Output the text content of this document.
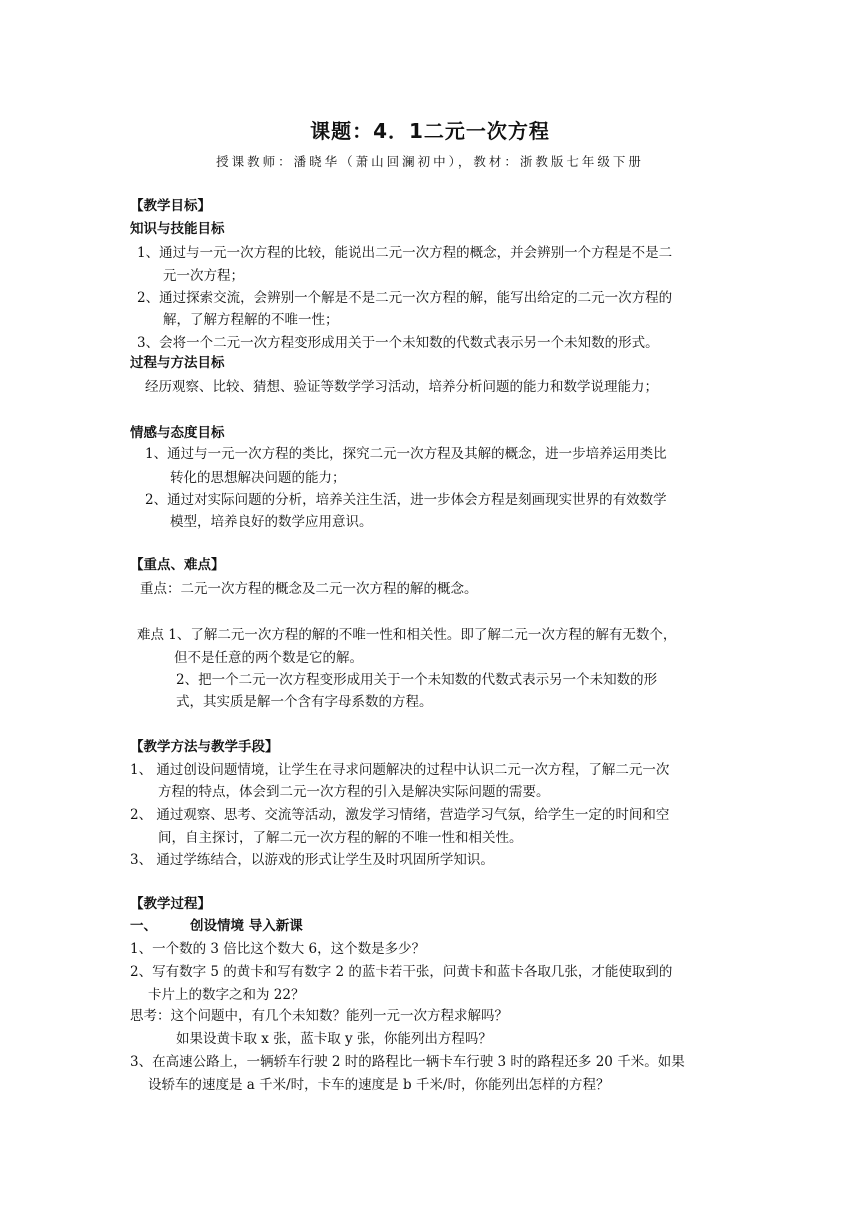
课题：4．1二元一次方程
授课教师：潘晓华（萧山回澜初中），教材：浙教版七年级下册
【教学目标】
知识与技能目标
1、通过与一元一次方程的比较，能说出二元一次方程的概念，并会辨别一个方程是不是二
元一次方程；
2、通过探索交流，会辨别一个解是不是二元一次方程的解，能写出给定的二元一次方程的
解，了解方程解的不唯一性；
3、会将一个二元一次方程变形成用关于一个未知数的代数式表示另一个未知数的形式。
过程与方法目标
经历观察、比较、猜想、验证等数学学习活动，培养分析问题的能力和数学说理能力；
情感与态度目标
1、通过与一元一次方程的类比，探究二元一次方程及其解的概念，进一步培养运用类比
转化的思想解决问题的能力；
2、通过对实际问题的分析，培养关注生活，进一步体会方程是刻画现实世界的有效数学
模型，培养良好的数学应用意识。
【重点、难点】
重点：二元一次方程的概念及二元一次方程的解的概念。
难点 1、了解二元一次方程的解的不唯一性和相关性。即了解二元一次方程的解有无数个，
但不是任意的两个数是它的解。
2、把一个二元一次方程变形成用关于一个未知数的代数式表示另一个未知数的形
式，其实质是解一个含有字母系数的方程。
【教学方法与教学手段】
1、 通过创设问题情境，让学生在寻求问题解决的过程中认识二元一次方程，了解二元一次
方程的特点，体会到二元一次方程的引入是解决实际问题的需要。
2、 通过观察、思考、交流等活动，激发学习情绪，营造学习气氛，给学生一定的时间和空
间，自主探讨，了解二元一次方程的解的不唯一性和相关性。
3、 通过学练结合，以游戏的形式让学生及时巩固所学知识。
【教学过程】
一、 创设情境 导入新课
1、一个数的 3 倍比这个数大 6，这个数是多少？
2、写有数字 5 的黄卡和写有数字 2 的蓝卡若干张，问黄卡和蓝卡各取几张，才能使取到的
卡片上的数字之和为 22？
思考：这个问题中，有几个未知数？能列一元一次方程求解吗？
如果设黄卡取 x 张，蓝卡取 y 张，你能列出方程吗？
3、在高速公路上，一辆轿车行驶 2 时的路程比一辆卡车行驶 3 时的路程还多 20 千米。如果
设轿车的速度是 a 千米/时，卡车的速度是 b 千米/时，你能列出怎样的方程？
